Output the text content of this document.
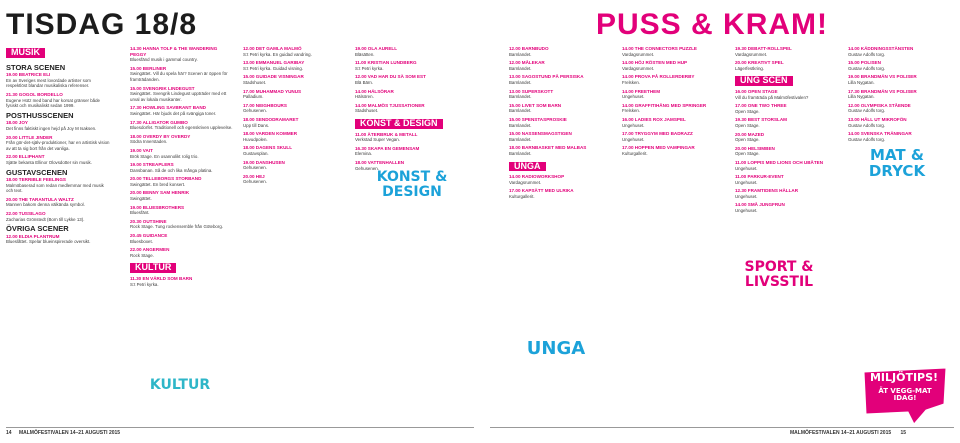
TISDAG 18/8	PUSS & KRAM!
MUSIK
STORA SCENEN
19.00 BEATRICE ELI
En av Sveriges mest lovordade artister som respektlöst blandar musikaliska referenser.
21.30 GOGOL BORDELLO
Eugene Hütz med band har korsat gränser både fysiskt och musikaliskt sedan 1999.
POSTHUSSCENEN
18.00 JOY
Det finns faktiskt ingen hejd på Joy M Isaksen.
20.00 LITTLE JINDER
Från gör-det-själv-produktioner, har en artistisk vision av att ta sig bort från det vanliga.
22.00 ELLIPHANT
Sjätte bekanta Ellinor Olovsdotter sin musik.
GUSTAVSCENEN
18.00 TERRIBLE FEELINGS
Malmöbaserad som redan medlemmar med musik och text.
20.00 THE TARANTULA WALTZ
Mannen bakom denna välkända symbol.
22.00 TUSSILAGO
Zacharias Grönstedt (Born till Lykke 13).
ÖVRIGA SCENER
12.00 ELDIA PLANTRUM
Blueslåttet. Spelar blueinspirerade oversikt.
14.30 HANNA TOLF & THE WANDERING PEGGY
Bluesfänd musik i gammal country.
15.00 BERLINER
Swingättet. Vill du spela här? Scenen är öppen för framträdanden.
15.00 SVENGRIK LINDEGUST
Swingättet. Svengrik Lindegust uppträder med ett urval av lokala musikanter.
17.30 HOWLING SAVBRANT BAND
Swingättet. Här bjuds det på svängiga toner.
17.30 ALLIGATOR GUMBO
Bluesdorfet. Traditionell och egenskriven upplevelse.
18.00 OVERDY BY OVERDY
Södra Innerstaden.
19.00 VAIT
Brök Stage. En osannolikt rolig trio.
19.00 STREAPLERS
Dansbanan. Så de och lika många platina.
20.00 TELLEBORGS STORBAND
Swingättet. En bred konsert.
20.00 BENNY SAM HENRIK
Swingättet.
19.00 BLUESBROTHERS
Bluesfänt.
20.30 OUTSHINE
Rock Stage. Tung rockensemble från Göteborg.
20.45 GUIDANCE
Bluesboxet.
22.00 ANGERMEN
Rock Stage.
KULTUR
11.30 EN VÄRLD SOM BARN
S:t Petri kyrka.
12.00 DET GAMLA MALMÖ
S:t Petri kyrka. En guidad vandring.
13.00 EMMANUEL GARIBAY
S:t Petri kyrka. Guidad visning.
15.00 GUIDADE VISNINGAR
Stadshuset.
17.00 MUHAMMAD YUNUS
Palladium.
17.00 NEIGHBOURS
Gehusenen.
18.00 SENDODRAMARET
Upp till Dans.
18.00 VARDEN KOMMER
Huvudpolen.
18.00 DAGENS SKULL
Gustavsplan.
19.00 DANSHUSEN
Gehusenen.
20.00 HEJ
Gehusenen.
19.00 OLA AURELL
Bläsätten.
11.00 KRISTIAN LUNDBERG
S:t Petri kyrka.
12.00 VAD HAR DU SÄ SOM EST
Blä Bärn.
14.00 HÄLSÖRAR
Hälsören.
14.00 MALMÖS TJUSSATIONER
Stadshuset.
KONST & DESIGN
11.00 ÄTERBRUK & METALL
Verkstad Super Vegan.
16.30 SKAPA EN GEMENSAM
Elemina.
18.00 VATTENHALLEN
Gehusenen.
12.00 BARNBUDO
Barnlandet.
12.00 MÅLEKAR
Barnlandet.
13.00 SAGOSTUND PÅ PERSISKA
Barnlandet.
13.00 SUPERSKOTT
Barnlandet.
15.00 LIVET SOM BARN
Barnlandet.
15.00 SPENSTASPROSKIE
Barnlandet.
15.00 NASSENSMAGSTIGEN
Barnlandet.
18.00 BARNBASKET MED MALBAS
Barnlandet.
UNGA
14.00 RADIOWORKSHOP
Vardagsrummet.
17.00 KAPSÄTT MED ULRIKA
Kulturgallerit.
14.00 THE CONNECTORS PUZZLE
Vardagsrummet.
14.00 HÖJ RÖSTEN MED HUP
Vardagsrummet.
14.00 PROVA PÅ ROLLERDERBY
Frelsken.
14.00 FREETHEM
Ungehuset.
14.00 GRAFFITIHÅNG MED SPRINGER
Frelsken.
16.00 LADIES ROX JAMSPEL
Ungehuset.
17.00 TRYGGYM MED BADRAZZ
Ungehuset.
17.00 HOPPEN MED VAMPINGAR
Kulturgallerit.
19.30 DEBATT-ROLLSPEL
Vardagsrummet.
20.00 KREATIVT SPEL
Lägerfestkring.
UNG SCEN
16.00 OPEN STAGE
Vill du framträda på Malmöfestivalen?
17.00 ONE TWO THREE
Open Stage.
19.30 BEST STORSLAM
Open Stage.
20.00 MAZED
Open Stage.
20.00 HELSIMBEN
Open Stage.
11.00 LOPPIS MED LIONS OCH UBÅTEN
Ungehuset.
11.00 PARKUR-EVENT
Ungehuset.
12.30 FRAMTIDENS HÄLLAR
Ungehuset.
14.00 SMÅ JUNGFRUN
Ungehuset.
14.00 KÄDDNINGSSTÄNSTEN
Gustav Adolfs torg.
15.00 POLISEN
Gustav Adolfs torg.
19.00 BRANDMÄN VS POLISER
Lilla Nygatan.
17.30 BRANDMÄN VS POLISER
Lilla Nygatan.
12.00 OLYMPISKA STÅENDE
Gustav Adolfs torg.
13.00 HÅLL UT MIKROFÖN
Gustav Adolfs torg.
14.00 SVENSKA TRÄNINGAR
Gustav Adolfs torg.
KONST & DESIGN
UNGA
SPORT & LIVSSTIL
MAT & DRYCK
KULTUR	MILJÖTIPS!
ÄT VEGG-MAT IDAG!
14 MALMÖFESTIVALEN 14–21 AUGUSTI 2015	MALMÖFESTIVALEN 14–21 AUGUSTI 2015 15
